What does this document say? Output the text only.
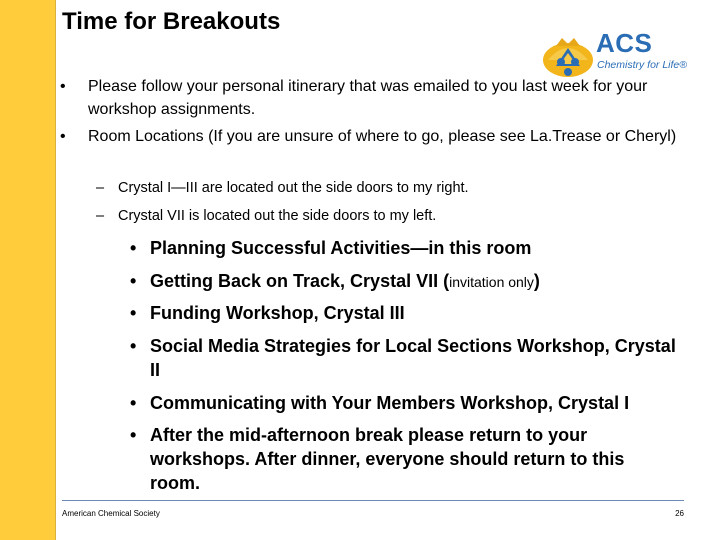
Time for Breakouts
ACS
Chemistry for Life®
• Please follow your personal itinerary that was emailed to you last week for your workshop assignments.
• Room Locations (If you are unsure of where to go, please see La.Trease or Cheryl)
– Crystal I—III are located out the side doors to my right.
– Crystal VII is located out the side doors to my left.
• Planning Successful Activities—in this room
• Getting Back on Track, Crystal VII (invitation only)
• Funding Workshop, Crystal III
• Social Media Strategies for Local Sections Workshop, Crystal II
• Communicating with Your Members Workshop, Crystal I
• After the mid-afternoon break please return to your workshops. After dinner, everyone should return to this room.
American Chemical Society	26
